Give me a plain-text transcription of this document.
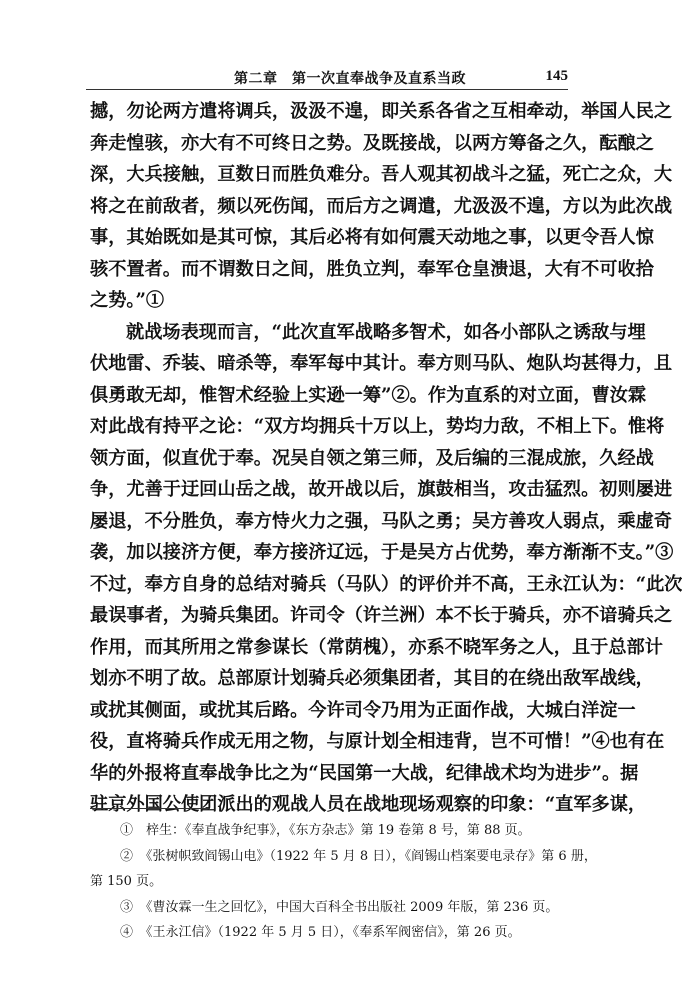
第二章　第一次直奉战争及直系当政	145
撼，勿论两方遣将调兵，汲汲不遑，即关系各省之互相牵动，举国人民之
奔走惶骇，亦大有不可终日之势。及既接战，以两方筹备之久，酝酿之
深，大兵接触，亘数日而胜负难分。吾人观其初战斗之猛，死亡之众，大
将之在前敌者，频以死伤闻，而后方之调遣，尤汲汲不遑，方以为此次战
事，其始既如是其可惊，其后必将有如何震天动地之事，以更令吾人惊
骇不置者。而不谓数日之间，胜负立判，奉军仓皇溃退，大有不可收拾
之势。”①
就战场表现而言，“此次直军战略多智术，如各小部队之诱敌与埋
伏地雷、乔装、暗杀等，奉军每中其计。奉方则马队、炮队均甚得力，且
俱勇敢无却，惟智术经验上实逊一筹”②。作为直系的对立面，曹汝霖
对此战有持平之论：“双方均拥兵十万以上，势均力敌，不相上下。惟将
领方面，似直优于奉。况吴自领之第三师，及后编的三混成旅，久经战
争，尤善于迂回山岳之战，故开战以后，旗鼓相当，攻击猛烈。初则屡进
屡退，不分胜负，奉方恃火力之强，马队之勇；吴方善攻人弱点，乘虚奇
袭，加以接济方便，奉方接济辽远，于是吴方占优势，奉方渐渐不支。”③
不过，奉方自身的总结对骑兵（马队）的评价并不高，王永江认为：“此次
最误事者，为骑兵集团。许司令（许兰洲）本不长于骑兵，亦不谙骑兵之
作用，而其所用之常参谋长（常荫槐），亦系不晓军务之人，且于总部计
划亦不明了故。总部原计划骑兵必须集团者，其目的在绕出敌军战线，
或扰其侧面，或扰其后路。今许司令乃用为正面作战，大城白洋淀一
役，直将骑兵作成无用之物，与原计划全相违背，岂不可惜！”④也有在
华的外报将直奉战争比之为“民国第一大战，纪律战术均为进步”。据
驻京外国公使团派出的观战人员在战地现场观察的印象：“直军多谋，
①　梓生：《奉直战争纪事》，《东方杂志》第 19 卷第 8 号，第 88 页。
②　《张树帜致阎锡山电》（1922 年 5 月 8 日），《阎锡山档案要电录存》第 6 册，
第 150 页。
③　《曹汝霖一生之回忆》，中国大百科全书出版社 2009 年版，第 236 页。
④　《王永江信》（1922 年 5 月 5 日），《奉系军阀密信》，第 26 页。
